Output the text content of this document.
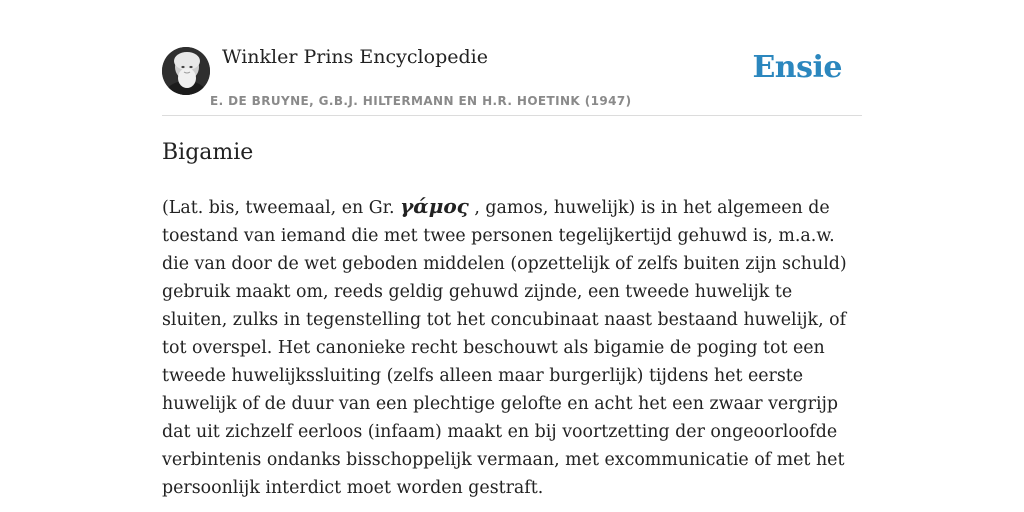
Winkler Prins Encyclopedie
E. DE BRUYNE, G.B.J. HILTERMANN EN H.R. HOETINK (1947)
Ensie
Bigamie

(Lat. bis, tweemaal, en Gr. γάμος , gamos, huwelijk) is in het algemeen de toestand van iemand die met twee personen tegelijkertijd gehuwd is, m.a.w. die van door de wet geboden middelen (opzettelijk of zelfs buiten zijn schuld) gebruik maakt om, reeds geldig gehuwd zijnde, een tweede huwelijk te sluiten, zulks in tegenstelling tot het concubinaat naast bestaand huwelijk, of tot overspel. Het canonieke recht beschouwt als bigamie de poging tot een tweede huwelijkssluiting (zelfs alleen maar burgerlijk) tijdens het eerste huwelijk of de duur van een plechtige gelofte en acht het een zwaar vergrijp dat uit zichzelf eerloos (infaam) maakt en bij voortzetting der ongeoorloofde verbintenis ondanks bisschoppelijk vermaan, met excommunicatie of met het persoonlijk interdict moet worden gestraft.
